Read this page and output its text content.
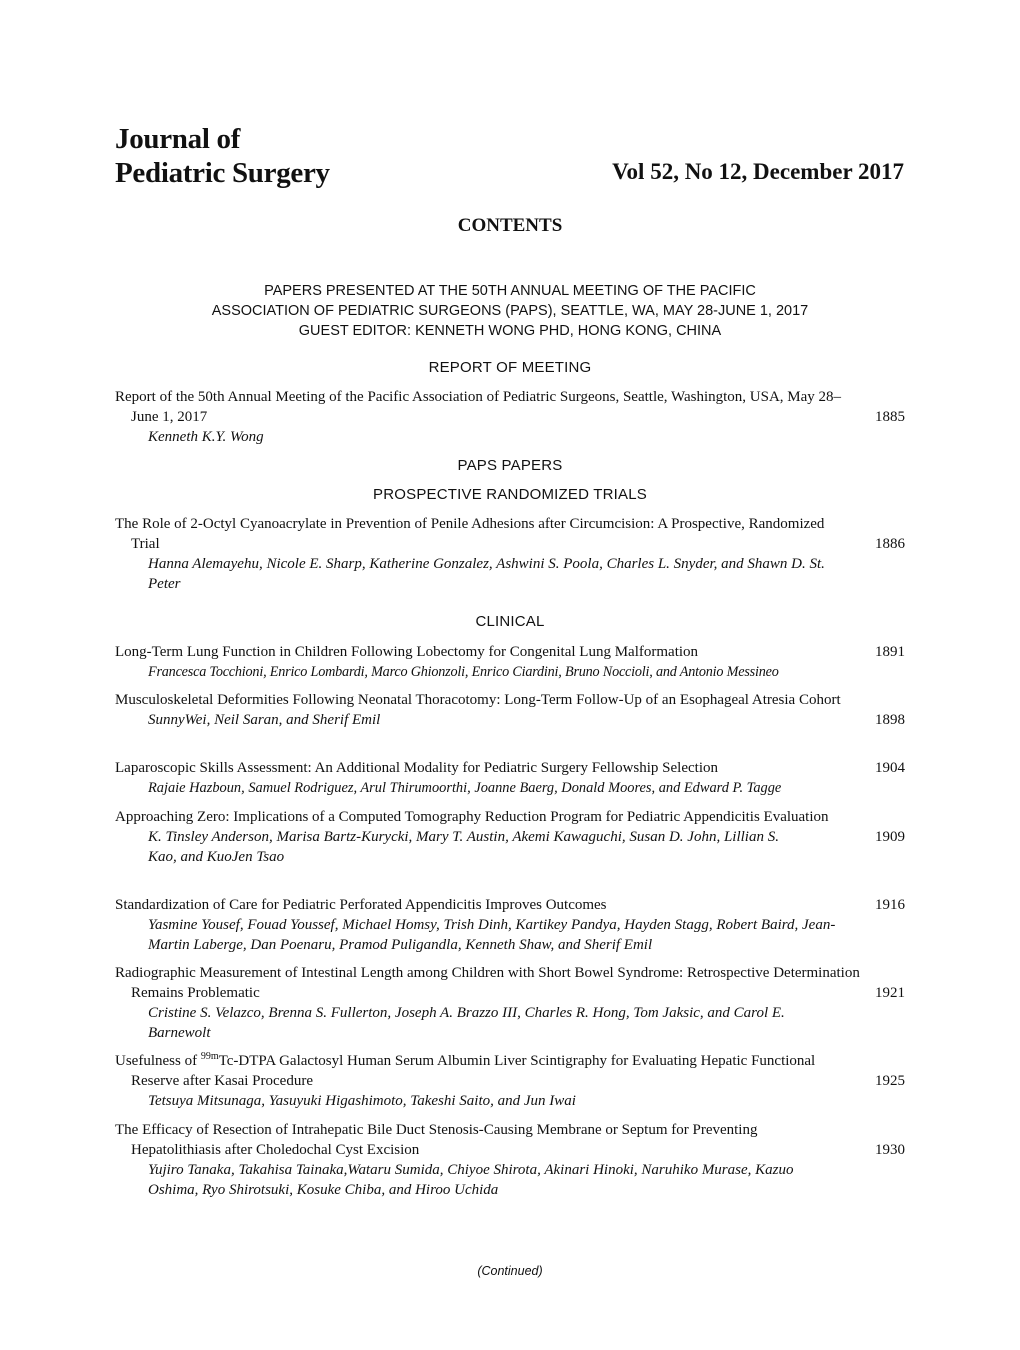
Journal of
Pediatric Surgery	Vol 52, No 12, December 2017
CONTENTS
PAPERS PRESENTED AT THE 50TH ANNUAL MEETING OF THE PACIFIC
ASSOCIATION OF PEDIATRIC SURGEONS (PAPS), SEATTLE, WA, MAY 28-JUNE 1, 2017
GUEST EDITOR: KENNETH WONG PHD, HONG KONG, CHINA
REPORT OF MEETING
Report of the 50th Annual Meeting of the Pacific Association of Pediatric Surgeons, Seattle, Washington, USA, May 28–June 1, 2017
Kenneth K.Y. Wong
1885
PAPS PAPERS
PROSPECTIVE RANDOMIZED TRIALS
The Role of 2-Octyl Cyanoacrylate in Prevention of Penile Adhesions after Circumcision: A Prospective, Randomized Trial
Hanna Alemayehu, Nicole E. Sharp, Katherine Gonzalez, Ashwini S. Poola, Charles L. Snyder, and Shawn D. St. Peter
1886
CLINICAL
Long-Term Lung Function in Children Following Lobectomy for Congenital Lung Malformation
Francesca Tocchioni, Enrico Lombardi, Marco Ghionzoli, Enrico Ciardini, Bruno Noccioli, and Antonio Messineo
1891
Musculoskeletal Deformities Following Neonatal Thoracotomy: Long-Term Follow-Up of an Esophageal Atresia Cohort
SunnyWei, Neil Saran, and Sherif Emil	1898
Laparoscopic Skills Assessment: An Additional Modality for Pediatric Surgery Fellowship Selection
Rajaie Hazboun, Samuel Rodriguez, Arul Thirumoorthi, Joanne Baerg, Donald Moores, and Edward P. Tagge
1904
Approaching Zero: Implications of a Computed Tomography Reduction Program for Pediatric Appendicitis Evaluation
K. Tinsley Anderson, Marisa Bartz-Kurycki, Mary T. Austin, Akemi Kawaguchi, Susan D. John, Lillian S. Kao, and KuoJen Tsao
1909
Standardization of Care for Pediatric Perforated Appendicitis Improves Outcomes
Yasmine Yousef, Fouad Youssef, Michael Homsy, Trish Dinh, Kartikey Pandya, Hayden Stagg, Robert Baird, Jean-Martin Laberge, Dan Poenaru, Pramod Puligandla, Kenneth Shaw, and Sherif Emil
1916
Radiographic Measurement of Intestinal Length among Children with Short Bowel Syndrome: Retrospective Determination Remains Problematic
Cristine S. Velazco, Brenna S. Fullerton, Joseph A. Brazzo III, Charles R. Hong, Tom Jaksic, and Carol E. Barnewolt
1921
Usefulness of $^{99m}$Tc-DTPA Galactosyl Human Serum Albumin Liver Scintigraphy for Evaluating Hepatic Functional Reserve after Kasai Procedure
Tetsuya Mitsunaga, Yasuyuki Higashimoto, Takeshi Saito, and Jun Iwai
1925
The Efficacy of Resection of Intrahepatic Bile Duct Stenosis-Causing Membrane or Septum for Preventing Hepatolithiasis after Choledochal Cyst Excision
Yujiro Tanaka, Takahisa Tainaka,Wataru Sumida, Chiyoe Shirota, Akinari Hinoki, Naruhiko Murase, Kazuo Oshima, Ryo Shirotsuki, Kosuke Chiba, and Hiroo Uchida
1930
(Continued)
